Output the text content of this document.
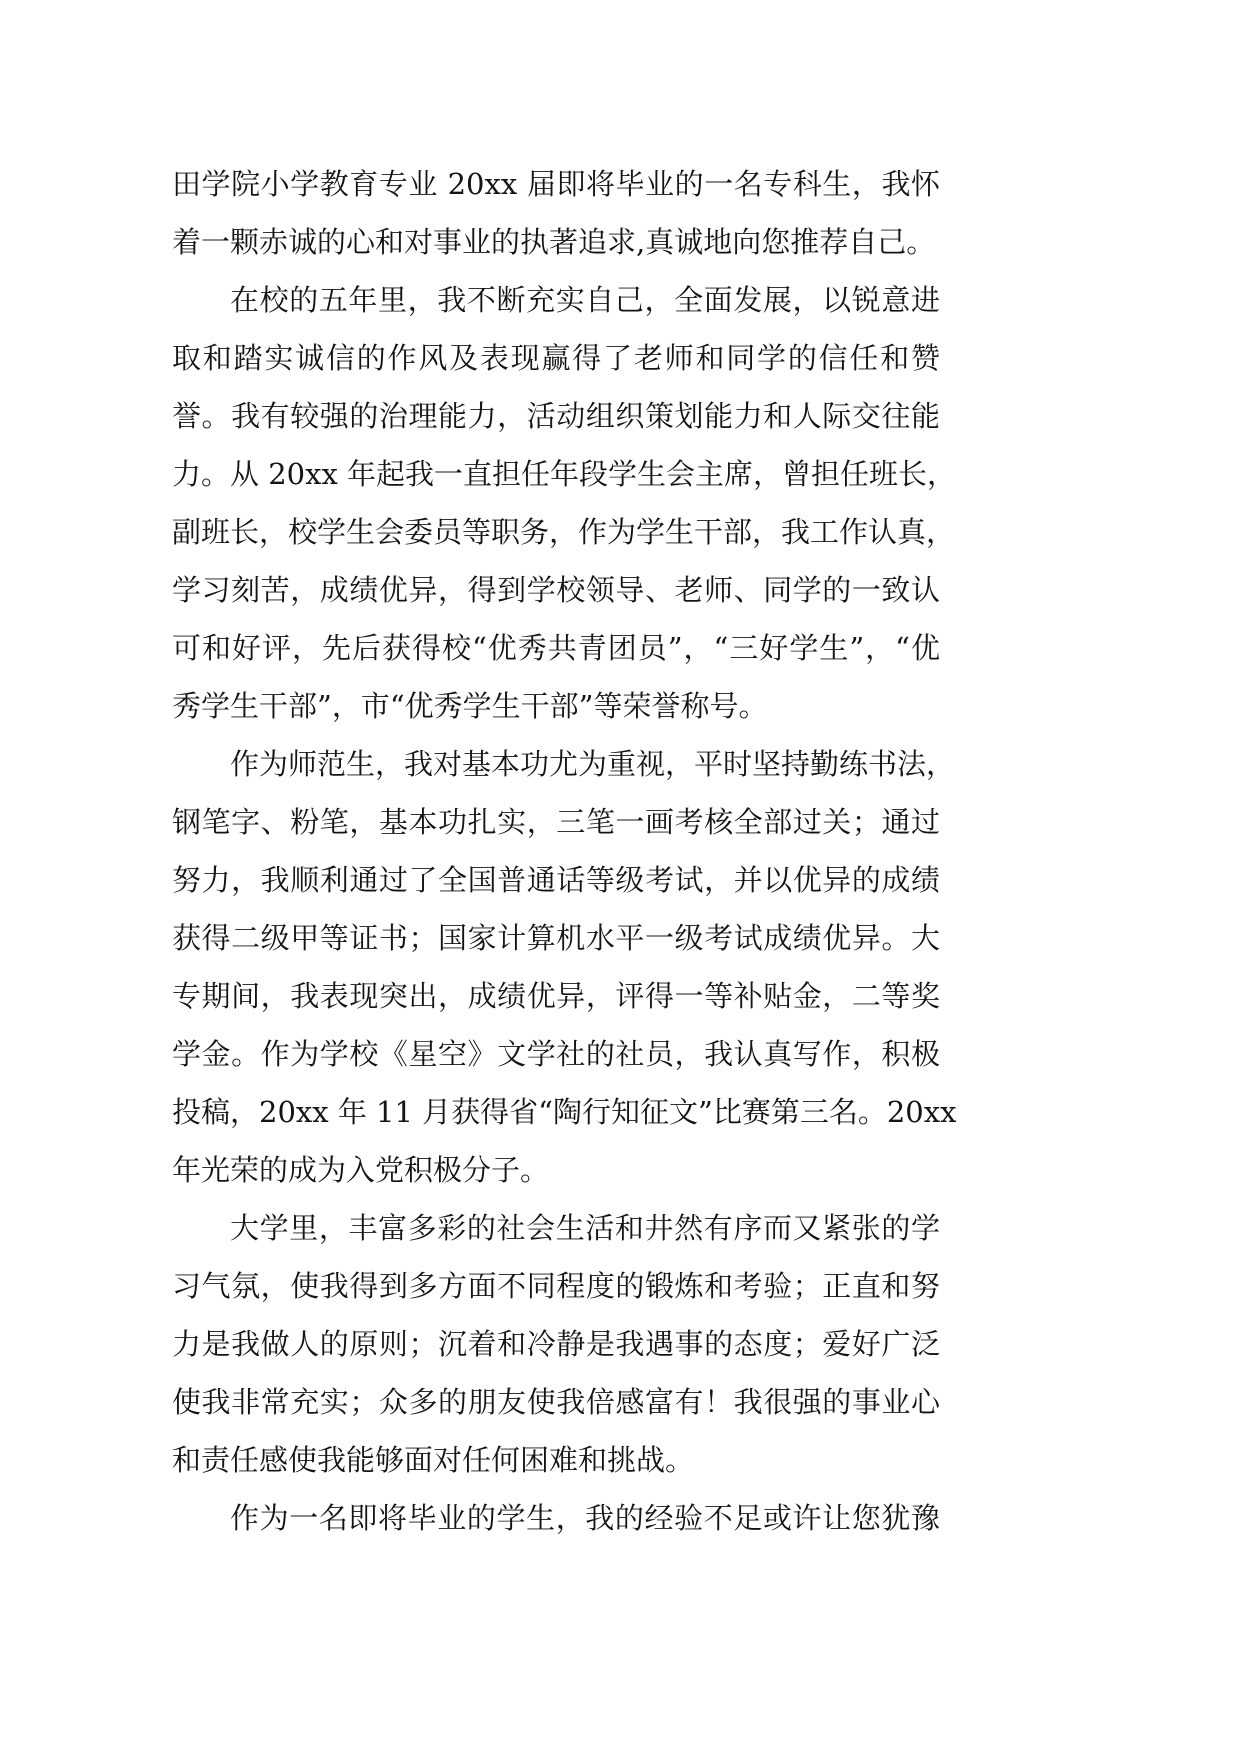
田学院小学教育专业 20xx 届即将毕业的一名专科生，我怀
着一颗赤诚的心和对事业的执著追求,真诚地向您推荐自己。
在校的五年里，我不断充实自己，全面发展，以锐意进
取和踏实诚信的作风及表现赢得了老师和同学的信任和赞
誉。我有较强的治理能力，活动组织策划能力和人际交往能
力。从 20xx 年起我一直担任年段学生会主席，曾担任班长，
副班长，校学生会委员等职务，作为学生干部，我工作认真，
学习刻苦，成绩优异，得到学校领导、老师、同学的一致认
可和好评，先后获得校“优秀共青团员”，“三好学生”，“优
秀学生干部”，市“优秀学生干部”等荣誉称号。
作为师范生，我对基本功尤为重视，平时坚持勤练书法，
钢笔字、粉笔，基本功扎实，三笔一画考核全部过关；通过
努力，我顺利通过了全国普通话等级考试，并以优异的成绩
获得二级甲等证书；国家计算机水平一级考试成绩优异。大
专期间，我表现突出，成绩优异，评得一等补贴金，二等奖
学金。作为学校《星空》文学社的社员，我认真写作，积极
投稿，20xx 年 11 月获得省“陶行知征文”比赛第三名。20xx
年光荣的成为入党积极分子。
大学里，丰富多彩的社会生活和井然有序而又紧张的学
习气氛，使我得到多方面不同程度的锻炼和考验；正直和努
力是我做人的原则；沉着和冷静是我遇事的态度；爱好广泛
使我非常充实；众多的朋友使我倍感富有！我很强的事业心
和责任感使我能够面对任何困难和挑战。
作为一名即将毕业的学生，我的经验不足或许让您犹豫
